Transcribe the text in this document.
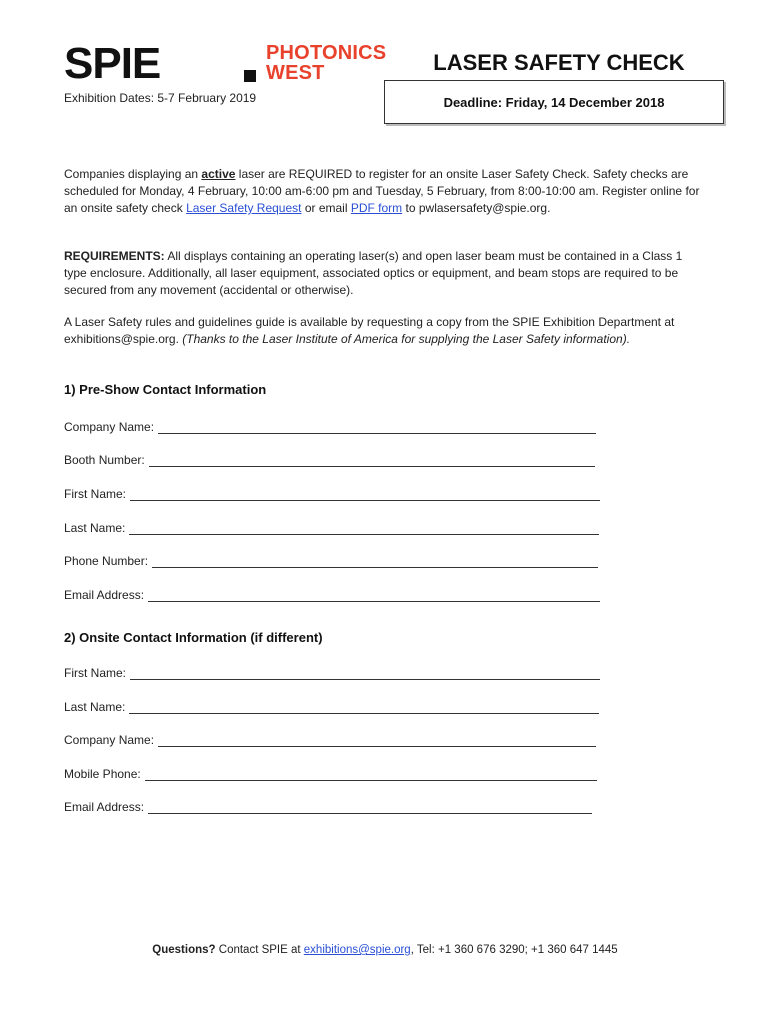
SPIE	PHOTONICS
WEST	LASER SAFETY CHECK
Exhibition Dates: 5-7 February 2019	Deadline: Friday, 14 December 2018

Companies displaying an active laser are REQUIRED to register for an onsite Laser Safety Check. Safety checks are scheduled for Monday, 4 February, 10:00 am-6:00 pm and Tuesday, 5 February, from 8:00-10:00 am. Register online for an onsite safety check Laser Safety Request or email PDF form to pwlasersafety@spie.org.

REQUIREMENTS: All displays containing an operating laser(s) and open laser beam must be contained in a Class 1 type enclosure. Additionally, all laser equipment, associated optics or equipment, and beam stops are required to be secured from any movement (accidental or otherwise).

A Laser Safety rules and guidelines guide is available by requesting a copy from the SPIE Exhibition Department at exhibitions@spie.org. (Thanks to the Laser Institute of America for supplying the Laser Safety information).

1) Pre-Show Contact Information
Company Name:
Booth Number:
First Name:
Last Name:
Phone Number:
Email Address:
2) Onsite Contact Information (if different)
First Name:
Last Name:
Company Name:
Mobile Phone:
Email Address:
Questions? Contact SPIE at exhibitions@spie.org, Tel: +1 360 676 3290; +1 360 647 1445
